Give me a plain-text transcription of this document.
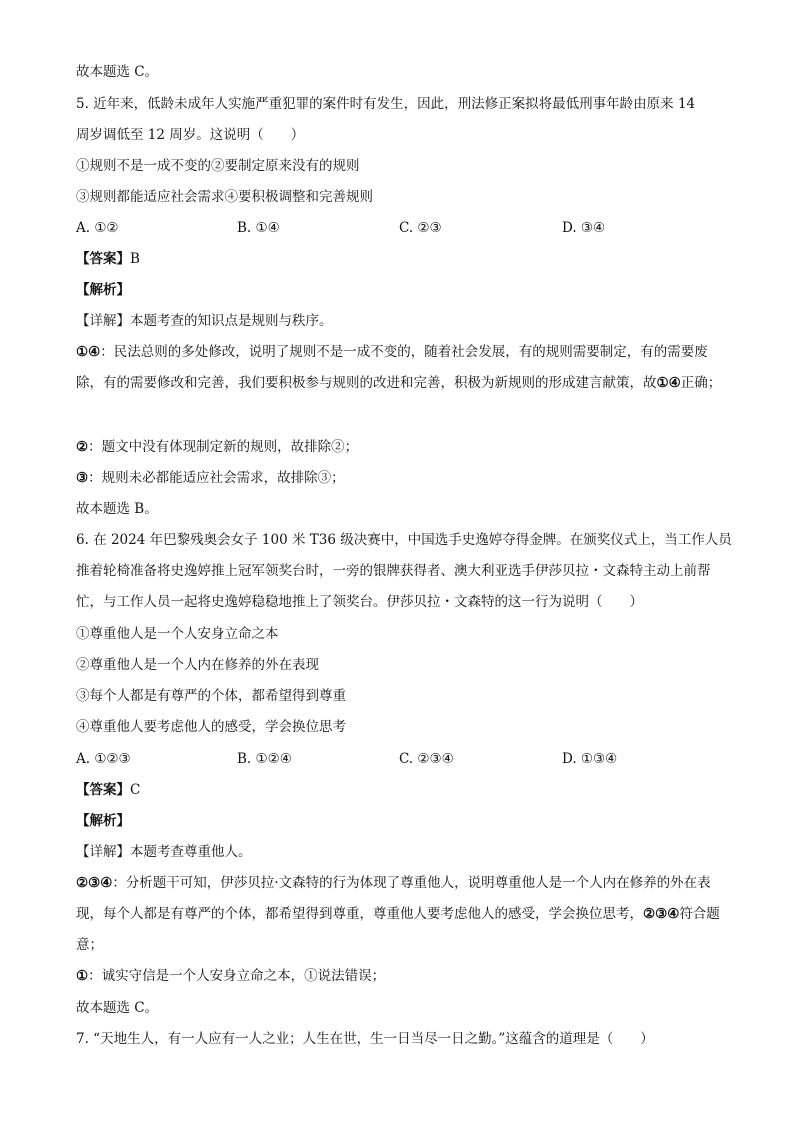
故本题选 C。
5. 近年来，低龄未成年人实施严重犯罪的案件时有发生，因此，刑法修正案拟将最低刑事年龄由原来 14
周岁调低至 12 周岁。这说明（　　）
①规则不是一成不变的②要制定原来没有的规则
③规则都能适应社会需求④要积极调整和完善规则
A. ①②	B. ①④	C. ②③	D. ③④
【答案】B
【解析】
【详解】本题考查的知识点是规则与秩序。
①④：民法总则的多处修改，说明了规则不是一成不变的，随着社会发展，有的规则需要制定，有的需要废除，有的需要修改和完善，我们要积极参与规则的改进和完善，积极为新规则的形成建言献策，故①④正确；
②：题文中没有体现制定新的规则，故排除②；
③：规则未必都能适应社会需求，故排除③；
故本题选 B。
6. 在 2024 年巴黎残奥会女子 100 米 T36 级决赛中，中国选手史逸婷夺得金牌。在颁奖仪式上，当工作人员推着轮椅准备将史逸婷推上冠军领奖台时，一旁的银牌获得者、澳大利亚选手伊莎贝拉・文森特主动上前帮忙，与工作人员一起将史逸婷稳稳地推上了领奖台。伊莎贝拉・文森特的这一行为说明（　　）
①尊重他人是一个人安身立命之本
②尊重他人是一个人内在修养的外在表现
③每个人都是有尊严的个体，都希望得到尊重
④尊重他人要考虑他人的感受，学会换位思考
A. ①②③	B. ①②④	C. ②③④	D. ①③④
【答案】C
【解析】
【详解】本题考查尊重他人。
②③④：分析题干可知，伊莎贝拉·文森特的行为体现了尊重他人，说明尊重他人是一个人内在修养的外在表现，每个人都是有尊严的个体，都希望得到尊重，尊重他人要考虑他人的感受，学会换位思考，②③④符合题意；
①：诚实守信是一个人安身立命之本，①说法错误；
故本题选 C。
7. “天地生人，有一人应有一人之业；人生在世，生一日当尽一日之勤。”这蕴含的道理是（　　）
